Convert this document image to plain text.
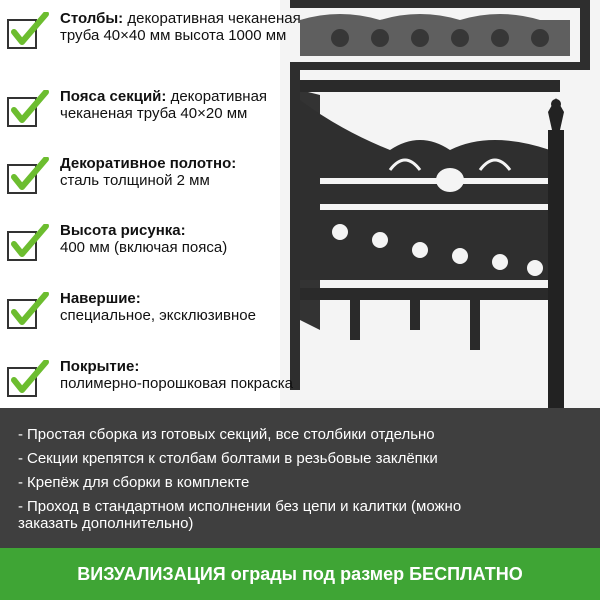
Столбы: декоративная чеканеная труба 40×40 мм высота 1000 мм
Пояса секций: декоративная чеканеная труба 40×20 мм
Декоративное полотно:
сталь толщиной 2 мм
Высота рисунка:
400 мм (включая пояса)
Навершие:
специальное, эксклюзивное
Покрытие:
полимерно-порошковая покраска
- Простая сборка из готовых секций, все столбики отдельно
- Секции крепятся к столбам болтами в резьбовые заклёпки
- Крепёж для сборки в комплекте
- Проход в стандартном исполнении без цепи и калитки (можно заказать дополнительно)
ВИЗУАЛИЗАЦИЯ ограды под размер БЕСПЛАТНО
